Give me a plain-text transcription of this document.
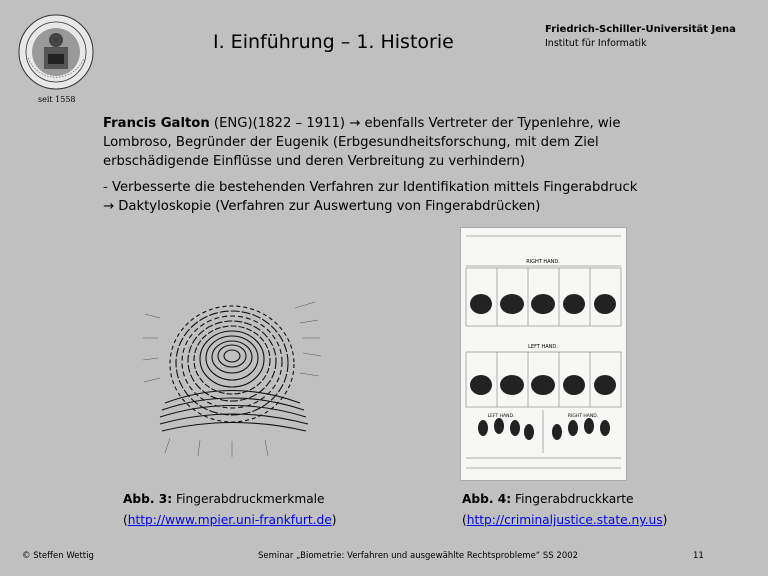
seit 1558
I. Einführung – 1. Historie
Friedrich-Schiller-Universität Jena
Institut für Informatik
Francis Galton (ENG)(1822 – 1911) → ebenfalls Vertreter der Typenlehre, wie
Lombroso, Begründer der Eugenik (Erbgesundheitsforschung, mit dem Ziel
erbschädigende Einflüsse und deren Verbreitung zu verhindern)
- Verbesserte die bestehenden Verfahren zur Identifikation mittels Fingerabdruck
→ Daktyloskopie (Verfahren zur Auswertung von Fingerabdrücken)
RIGHT HAND.
LEFT HAND.
LEFT HAND.	RIGHT HAND.
Abb. 3: Fingerabdruckmerkmale
(http://www.mpier.uni-frankfurt.de)
Abb. 4: Fingerabdruckkarte
(http://criminaljustice.state.ny.us)
© Steffen Wettig	Seminar „Biometrie: Verfahren und ausgewählte Rechtsprobleme“ SS 2002	11
